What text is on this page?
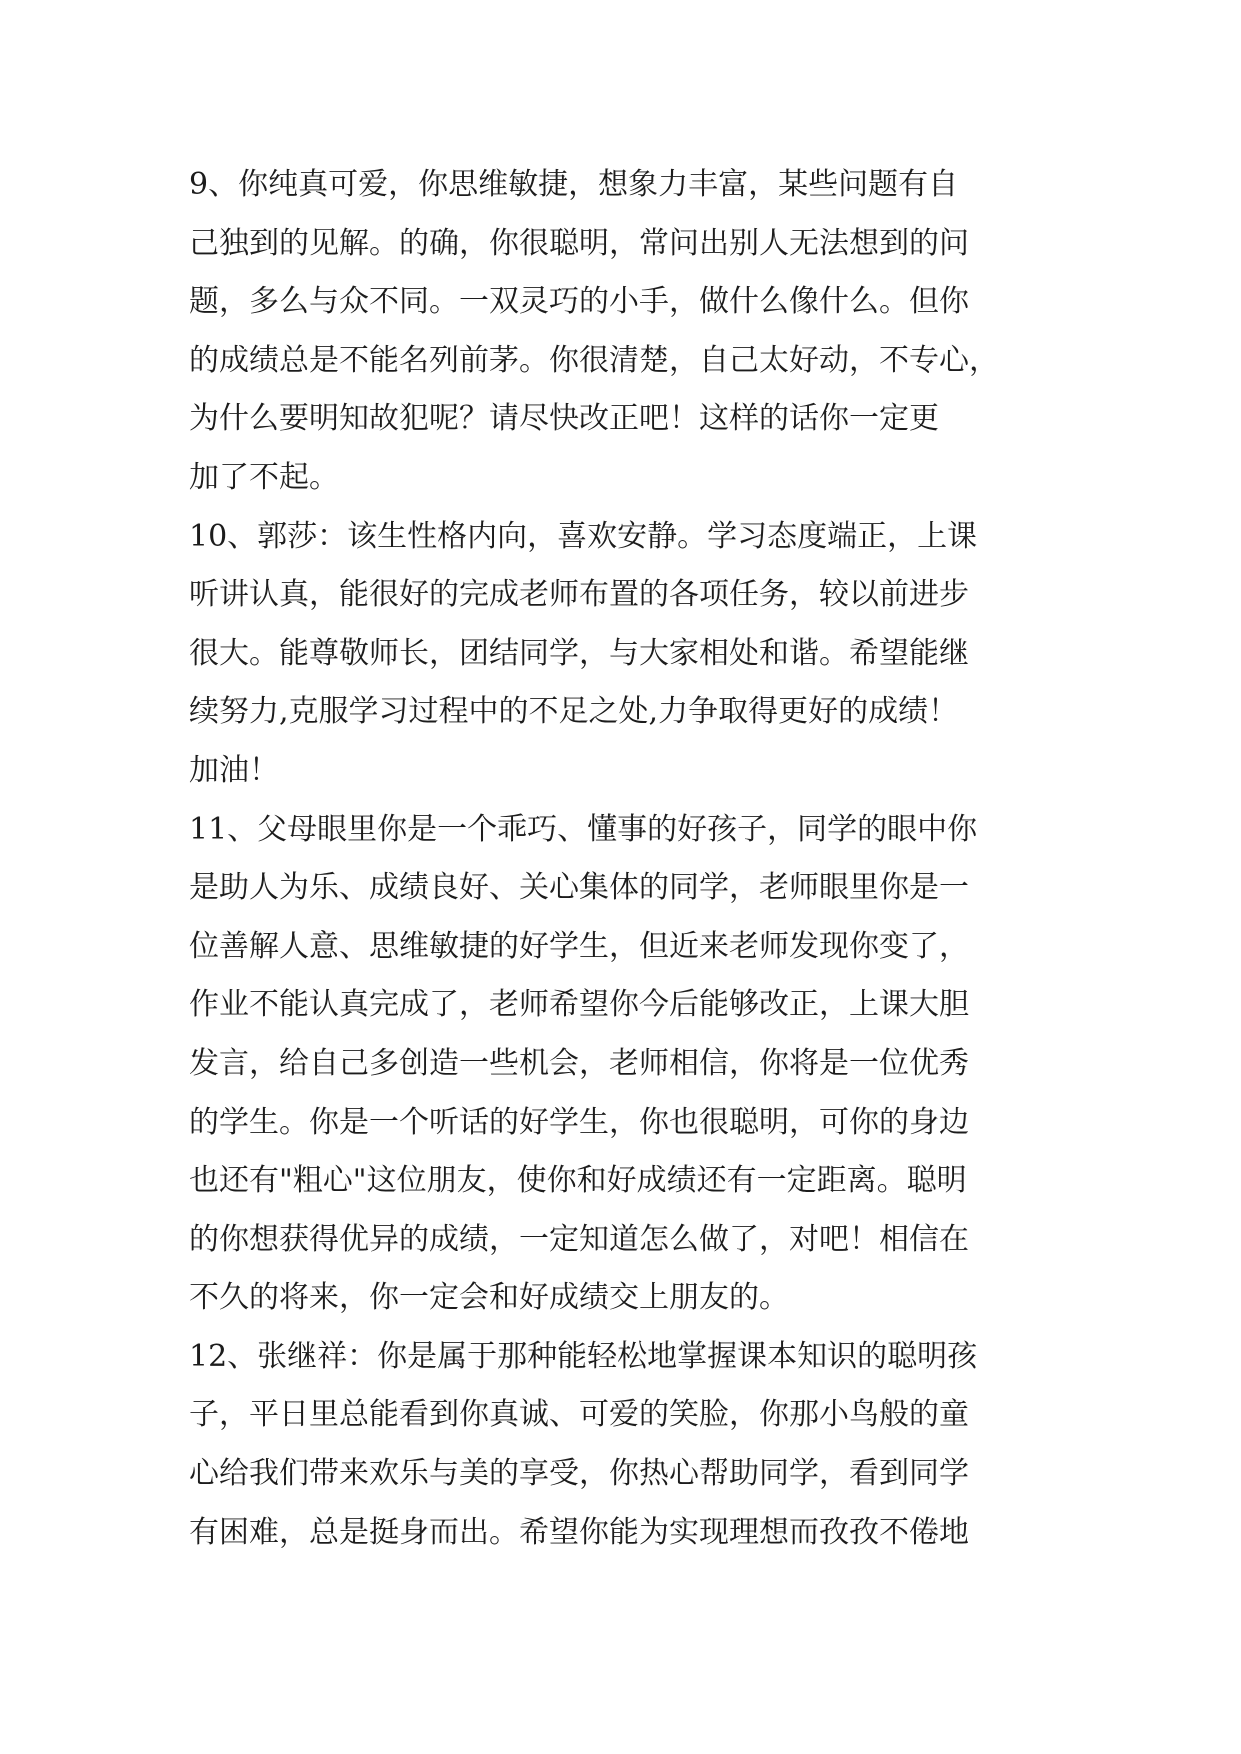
9、你纯真可爱，你思维敏捷，想象力丰富，某些问题有自
己独到的见解。的确，你很聪明，常问出别人无法想到的问
题，多么与众不同。一双灵巧的小手，做什么像什么。但你
的成绩总是不能名列前茅。你很清楚，自己太好动，不专心，
为什么要明知故犯呢？请尽快改正吧！这样的话你一定更
加了不起。
10、郭莎：该生性格内向，喜欢安静。学习态度端正，上课
听讲认真，能很好的完成老师布置的各项任务，较以前进步
很大。能尊敬师长，团结同学，与大家相处和谐。希望能继
续努力,克服学习过程中的不足之处,力争取得更好的成绩！
加油！
11、父母眼里你是一个乖巧、懂事的好孩子，同学的眼中你
是助人为乐、成绩良好、关心集体的同学，老师眼里你是一
位善解人意、思维敏捷的好学生，但近来老师发现你变了，
作业不能认真完成了，老师希望你今后能够改正，上课大胆
发言，给自己多创造一些机会，老师相信，你将是一位优秀
的学生。你是一个听话的好学生，你也很聪明，可你的身边
也还有"粗心"这位朋友，使你和好成绩还有一定距离。聪明
的你想获得优异的成绩，一定知道怎么做了，对吧！相信在
不久的将来，你一定会和好成绩交上朋友的。
12、张继祥：你是属于那种能轻松地掌握课本知识的聪明孩
子，平日里总能看到你真诚、可爱的笑脸，你那小鸟般的童
心给我们带来欢乐与美的享受，你热心帮助同学，看到同学
有困难，总是挺身而出。希望你能为实现理想而孜孜不倦地
